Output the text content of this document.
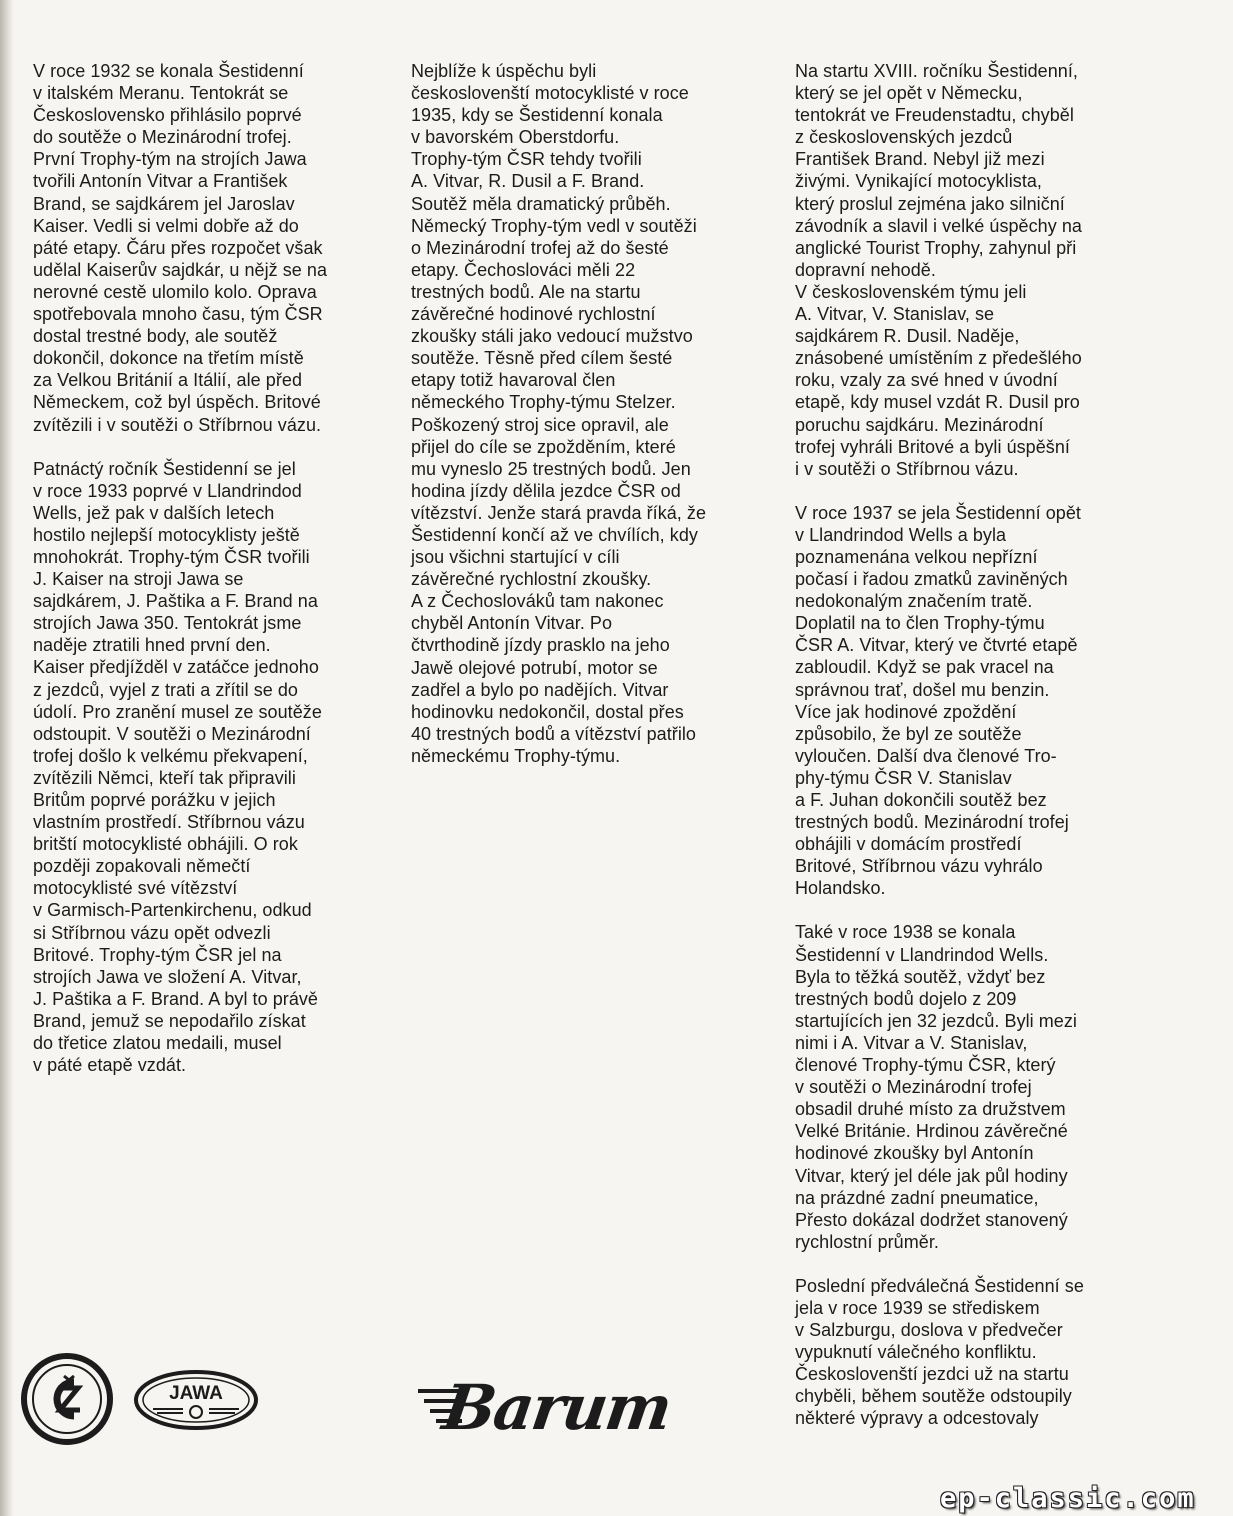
V roce 1932 se konala Šestidenní
v italském Meranu. Tentokrát se
Československo přihlásilo poprvé
do soutěže o Mezinárodní trofej.
První Trophy-tým na strojích Jawa
tvořili Antonín Vitvar a František
Brand, se sajdkárem jel Jaroslav
Kaiser. Vedli si velmi dobře až do
páté etapy. Čáru přes rozpočet však
udělal Kaiserův sajdkár, u nějž se na
nerovné cestě ulomilo kolo. Oprava
spotřebovala mnoho času, tým ČSR
dostal trestné body, ale soutěž
dokončil, dokonce na třetím místě
za Velkou Británií a Itálií, ale před
Německem, což byl úspěch. Britové
zvítězili i v soutěži o Stříbrnou vázu.

Patnáctý ročník Šestidenní se jel
v roce 1933 poprvé v Llandrindod
Wells, jež pak v dalších letech
hostilo nejlepší motocyklisty ještě
mnohokrát. Trophy-tým ČSR tvořili
J. Kaiser na stroji Jawa se
sajdkárem, J. Paštika a F. Brand na
strojích Jawa 350. Tentokrát jsme
naděje ztratili hned první den.
Kaiser předjížděl v zatáčce jednoho
z jezdců, vyjel z trati a zřítil se do
údolí. Pro zranění musel ze soutěže
odstoupit. V soutěži o Mezinárodní
trofej došlo k velkému překvapení,
zvítězili Němci, kteří tak připravili
Britům poprvé porážku v jejich
vlastním prostředí. Stříbrnou vázu
britští motocyklisté obhájili. O rok
později zopakovali němečtí
motocyklisté své vítězství
v Garmisch-Partenkirchenu, odkud
si Stříbrnou vázu opět odvezli
Britové. Trophy-tým ČSR jel na
strojích Jawa ve složení A. Vitvar,
J. Paštika a F. Brand. A byl to právě
Brand, jemuž se nepodařilo získat
do třetice zlatou medaili, musel
v páté etapě vzdát.

Nejblíže k úspěchu byli
českoslovenští motocyklisté v roce
1935, kdy se Šestidenní konala
v bavorském Oberstdorfu.
Trophy-tým ČSR tehdy tvořili
A. Vitvar, R. Dusil a F. Brand.
Soutěž měla dramatický průběh.
Německý Trophy-tým vedl v soutěži
o Mezinárodní trofej až do šesté
etapy. Čechoslováci měli 22
trestných bodů. Ale na startu
závěrečné hodinové rychlostní
zkoušky stáli jako vedoucí mužstvo
soutěže. Těsně před cílem šesté
etapy totiž havaroval člen
německého Trophy-týmu Stelzer.
Poškozený stroj sice opravil, ale
přijel do cíle se zpožděním, které
mu vyneslo 25 trestných bodů. Jen
hodina jízdy dělila jezdce ČSR od
vítězství. Jenže stará pravda říká, že
Šestidenní končí až ve chvílích, kdy
jsou všichni startující v cíli
závěrečné rychlostní zkoušky.
A z Čechoslováků tam nakonec
chyběl Antonín Vitvar. Po
čtvrthodině jízdy prasklo na jeho
Jawě olejové potrubí, motor se
zadřel a bylo po nadějích. Vitvar
hodinovku nedokončil, dostal přes
40 trestných bodů a vítězství patřilo
německému Trophy-týmu.

Na startu XVIII. ročníku Šestidenní,
který se jel opět v Německu,
tentokrát ve Freudenstadtu, chyběl
z československých jezdců
František Brand. Nebyl již mezi
živými. Vynikající motocyklista,
který proslul zejména jako silniční
závodník a slavil i velké úspěchy na
anglické Tourist Trophy, zahynul při
dopravní nehodě.
V československém týmu jeli
A. Vitvar, V. Stanislav, se
sajdkárem R. Dusil. Naděje,
znásobené umístěním z předešlého
roku, vzaly za své hned v úvodní
etapě, kdy musel vzdát R. Dusil pro
poruchu sajdkáru. Mezinárodní
trofej vyhráli Britové a byli úspěšní
i v soutěži o Stříbrnou vázu.

V roce 1937 se jela Šestidenní opět
v Llandrindod Wells a byla
poznamenána velkou nepřízní
počasí i řadou zmatků zaviněných
nedokonalým značením tratě.
Doplatil na to člen Trophy-týmu
ČSR A. Vitvar, který ve čtvrté etapě
zabloudil. Když se pak vracel na
správnou trať, došel mu benzin.
Více jak hodinové zpoždění
způsobilo, že byl ze soutěže
vyloučen. Další dva členové Tro-
phy-týmu ČSR V. Stanislav
a F. Juhan dokončili soutěž bez
trestných bodů. Mezinárodní trofej
obhájili v domácím prostředí
Britové, Stříbrnou vázu vyhrálo
Holandsko.

Také v roce 1938 se konala
Šestidenní v Llandrindod Wells.
Byla to těžká soutěž, vždyť bez
trestných bodů dojelo z 209
startujících jen 32 jezdců. Byli mezi
nimi i A. Vitvar a V. Stanislav,
členové Trophy-týmu ČSR, který
v soutěži o Mezinárodní trofej
obsadil druhé místo za družstvem
Velké Británie. Hrdinou závěrečné
hodinové zkoušky byl Antonín
Vitvar, který jel déle jak půl hodiny
na prázdné zadní pneumatice,
Přesto dokázal dodržet stanovený
rychlostní průměr.

Poslední předválečná Šestidenní se
jela v roce 1939 se střediskem
v Salzburgu, doslova v předvečer
vypuknutí válečného konfliktu.
Českoslovenští jezdci už na startu
chyběli, během soutěže odstoupily
některé výpravy a odcestovaly

JAWA	Barum
ep-classic.com
